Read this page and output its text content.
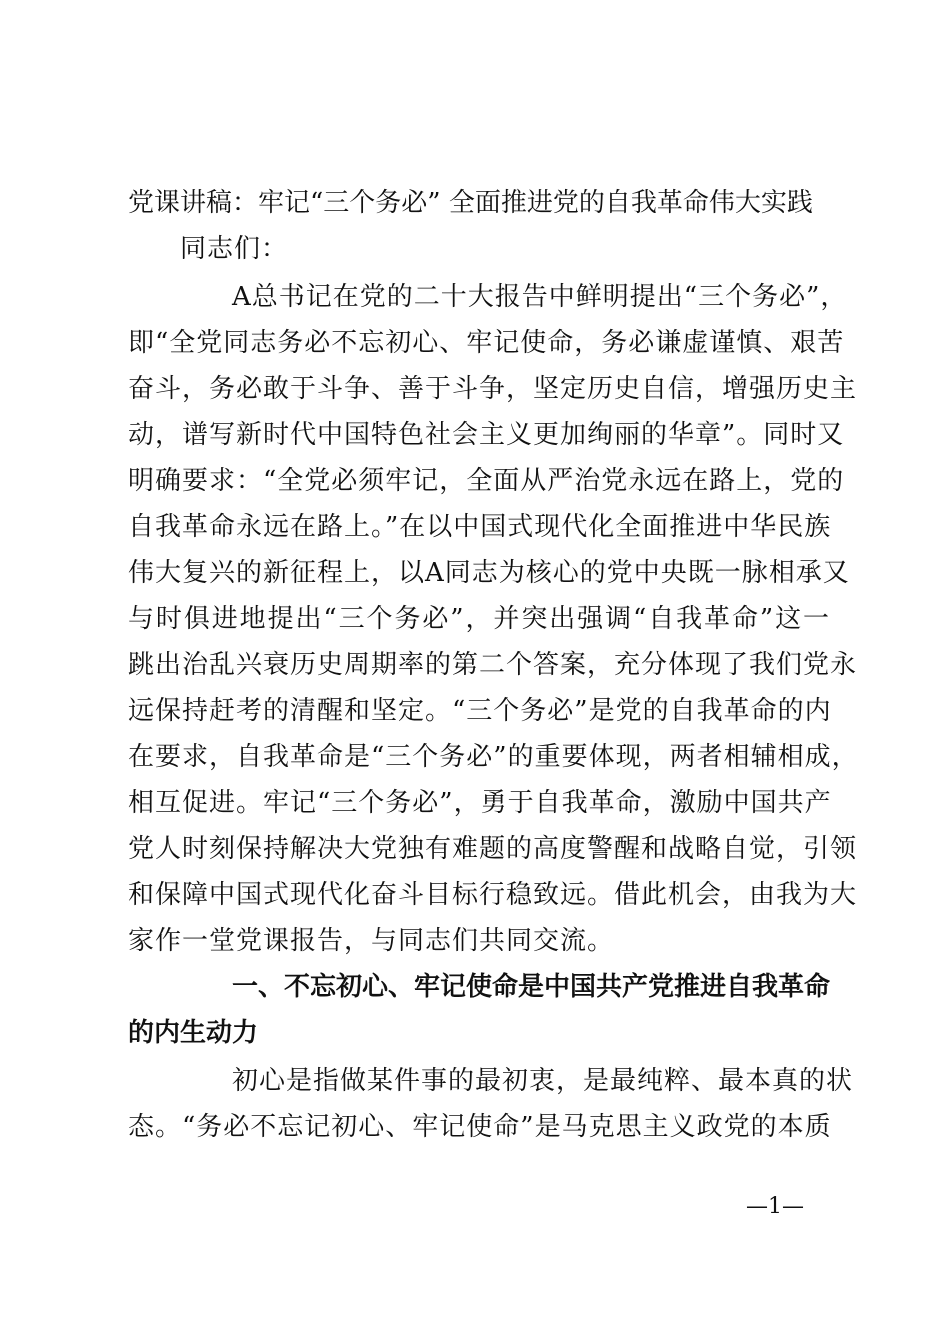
党课讲稿：牢记“三个务必” 全面推进党的自我革命伟大实践
同志们：
A总书记在党的二十大报告中鲜明提出“三个务必”，
即“全党同志务必不忘初心、牢记使命，务必谦虚谨慎、艰苦
奋斗，务必敢于斗争、善于斗争，坚定历史自信，增强历史主
动，谱写新时代中国特色社会主义更加绚丽的华章”。同时又
明确要求：“全党必须牢记，全面从严治党永远在路上，党的
自我革命永远在路上。”在以中国式现代化全面推进中华民族
伟大复兴的新征程上，以A同志为核心的党中央既一脉相承又
与时俱进地提出“三个务必”，并突出强调“自我革命”这一
跳出治乱兴衰历史周期率的第二个答案，充分体现了我们党永
远保持赶考的清醒和坚定。“三个务必”是党的自我革命的内
在要求，自我革命是“三个务必”的重要体现，两者相辅相成，
相互促进。牢记“三个务必”，勇于自我革命，激励中国共产
党人时刻保持解决大党独有难题的高度警醒和战略自觉，引领
和保障中国式现代化奋斗目标行稳致远。借此机会，由我为大
家作一堂党课报告，与同志们共同交流。
一、不忘初心、牢记使命是中国共产党推进自我革命
的内生动力
初心是指做某件事的最初衷，是最纯粹、最本真的状
态。“务必不忘记初心、牢记使命”是马克思主义政党的本质
—1—
